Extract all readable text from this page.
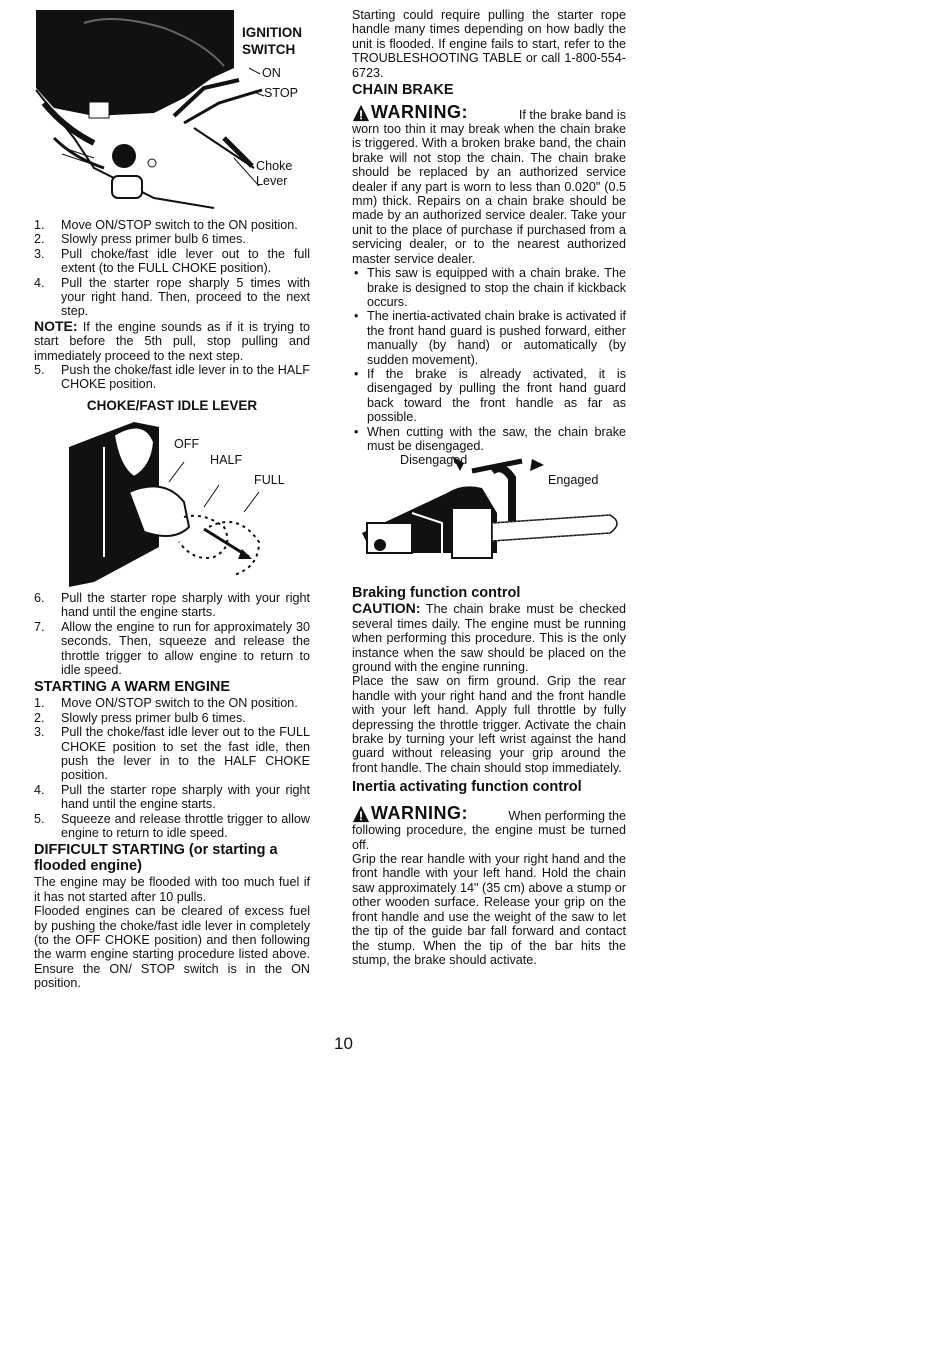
IGNITION
SWITCH
ON
STOP
Choke
Lever
1.	Move ON/STOP switch to the ON position.
2.	Slowly press primer bulb 6 times.
3.	Pull choke/fast idle lever out to the full extent (to the FULL CHOKE position).
4.	Pull the starter rope sharply 5 times with your right hand. Then, proceed to the next step.

NOTE: If the engine sounds as if it is trying to start before the 5th pull, stop pulling and immediately proceed to the next step.

5.	Push the choke/fast idle lever in to the HALF CHOKE position.
CHOKE/FAST IDLE LEVER
OFF
HALF
FULL
6.	Pull the starter rope sharply with your right hand until the engine starts.
7.	Allow the engine to run for approximately 30 seconds. Then, squeeze and release the throttle trigger to allow engine to return to idle speed.
STARTING A WARM ENGINE
1.	Move ON/STOP switch to the ON position.
2.	Slowly press primer bulb 6 times.
3.	Pull the choke/fast idle lever out to the FULL CHOKE position to set the fast idle, then push the lever in to the HALF CHOKE position.
4.	Pull the starter rope sharply with your right hand until the engine starts.
5.	Squeeze and release throttle trigger to allow engine to return to idle speed.
DIFFICULT STARTING (or starting a flooded engine)

The engine may be flooded with too much fuel if it has not started after 10 pulls.

Flooded engines can be cleared of excess fuel by pushing the choke/fast idle lever in completely (to the OFF CHOKE position) and then following the warm engine starting procedure listed above. Ensure the ON/ STOP switch is in the ON position.

Starting could require pulling the starter rope handle many times depending on how badly the unit is flooded. If engine fails to start, refer to the TROUBLESHOOTING TABLE or call 1-800-554-6723.

CHAIN BRAKE
WARNING:	If the brake band is

worn too thin it may break when the chain brake is triggered. With a broken brake band, the chain brake will not stop the chain. The chain brake should be replaced by an authorized service dealer if any part is worn to less than 0.020" (0.5 mm) thick. Repairs on a chain brake should be made by an authorized service dealer. Take your unit to the place of purchase if purchased from a servicing dealer, or to the nearest authorized master service dealer.

• This saw is equipped with a chain brake. The brake is designed to stop the chain if kickback occurs.
• The inertia-activated chain brake is activated if the front hand guard is pushed forward, either manually (by hand) or automatically (by sudden movement).
• If the brake is already activated, it is disengaged by pulling the front hand guard back toward the front handle as far as possible.
• When cutting with the saw, the chain brake must be disengaged.
Disengaged
Engaged
Braking function control

CAUTION: The chain brake must be checked several times daily. The engine must be running when performing this procedure. This is the only instance when the saw should be placed on the ground with the engine running.

Place the saw on firm ground. Grip the rear handle with your right hand and the front handle with your left hand. Apply full throttle by fully depressing the throttle trigger. Activate the chain brake by turning your left wrist against the hand guard without releasing your grip around the front handle. The chain should stop immediately.

Inertia activating function control
WARNING:	When performing the

following procedure, the engine must be turned off.

Grip the rear handle with your right hand and the front handle with your left hand. Hold the chain saw approximately 14" (35 cm) above a stump or other wooden surface. Release your grip on the front handle and use the weight of the saw to let the tip of the guide bar fall forward and contact the stump. When the tip of the bar hits the stump, the brake should activate.

10
